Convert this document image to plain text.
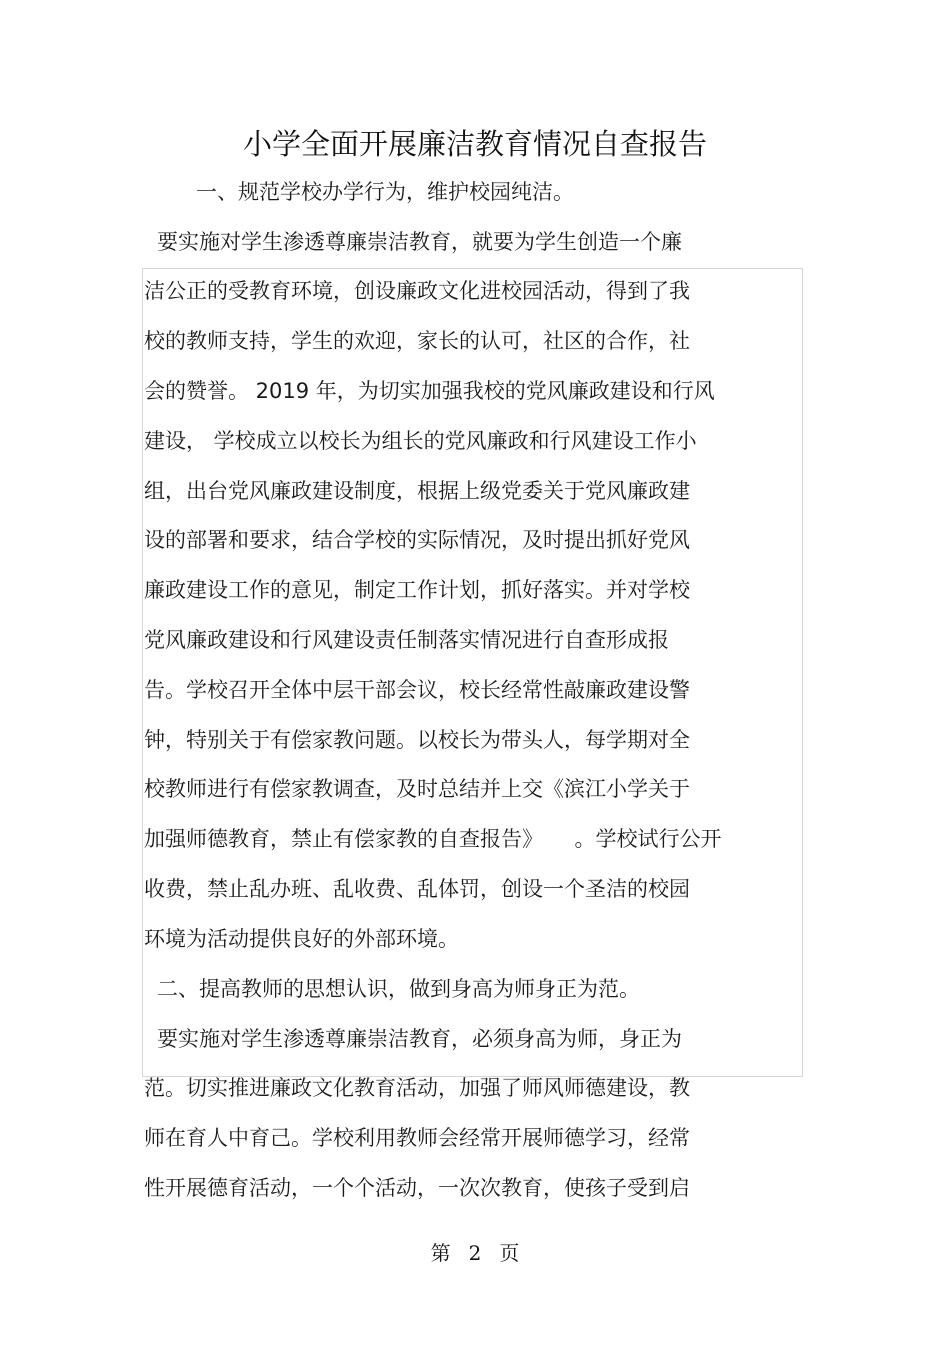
小学全面开展廉洁教育情况自查报告
一、规范学校办学行为，维护校园纯洁。
要实施对学生渗透尊廉崇洁教育，就要为学生创造一个廉
洁公正的受教育环境，创设廉政文化进校园活动，得到了我
校的教师支持，学生的欢迎，家长的认可，社区的合作，社
会的赞誉。 2019 年，为切实加强我校的党风廉政建设和行风
建设， 学校成立以校长为组长的党风廉政和行风建设工作小
组，出台党风廉政建设制度，根据上级党委关于党风廉政建
设的部署和要求，结合学校的实际情况，及时提出抓好党风
廉政建设工作的意见，制定工作计划，抓好落实。并对学校
党风廉政建设和行风建设责任制落实情况进行自查形成报
告。学校召开全体中层干部会议，校长经常性敲廉政建设警
钟，特别关于有偿家教问题。以校长为带头人，每学期对全
校教师进行有偿家教调查，及时总结并上交《滨江小学关于
加强师德教育，禁止有偿家教的自查报告》　　。学校试行公开
收费，禁止乱办班、乱收费、乱体罚，创设一个圣洁的校园
环境为活动提供良好的外部环境。
二、提高教师的思想认识，做到身高为师身正为范。
要实施对学生渗透尊廉崇洁教育，必须身高为师，身正为
范。切实推进廉政文化教育活动，加强了师风师德建设，教
师在育人中育己。学校利用教师会经常开展师德学习，经常
性开展德育活动，一个个活动，一次次教育，使孩子受到启
第 2 页
